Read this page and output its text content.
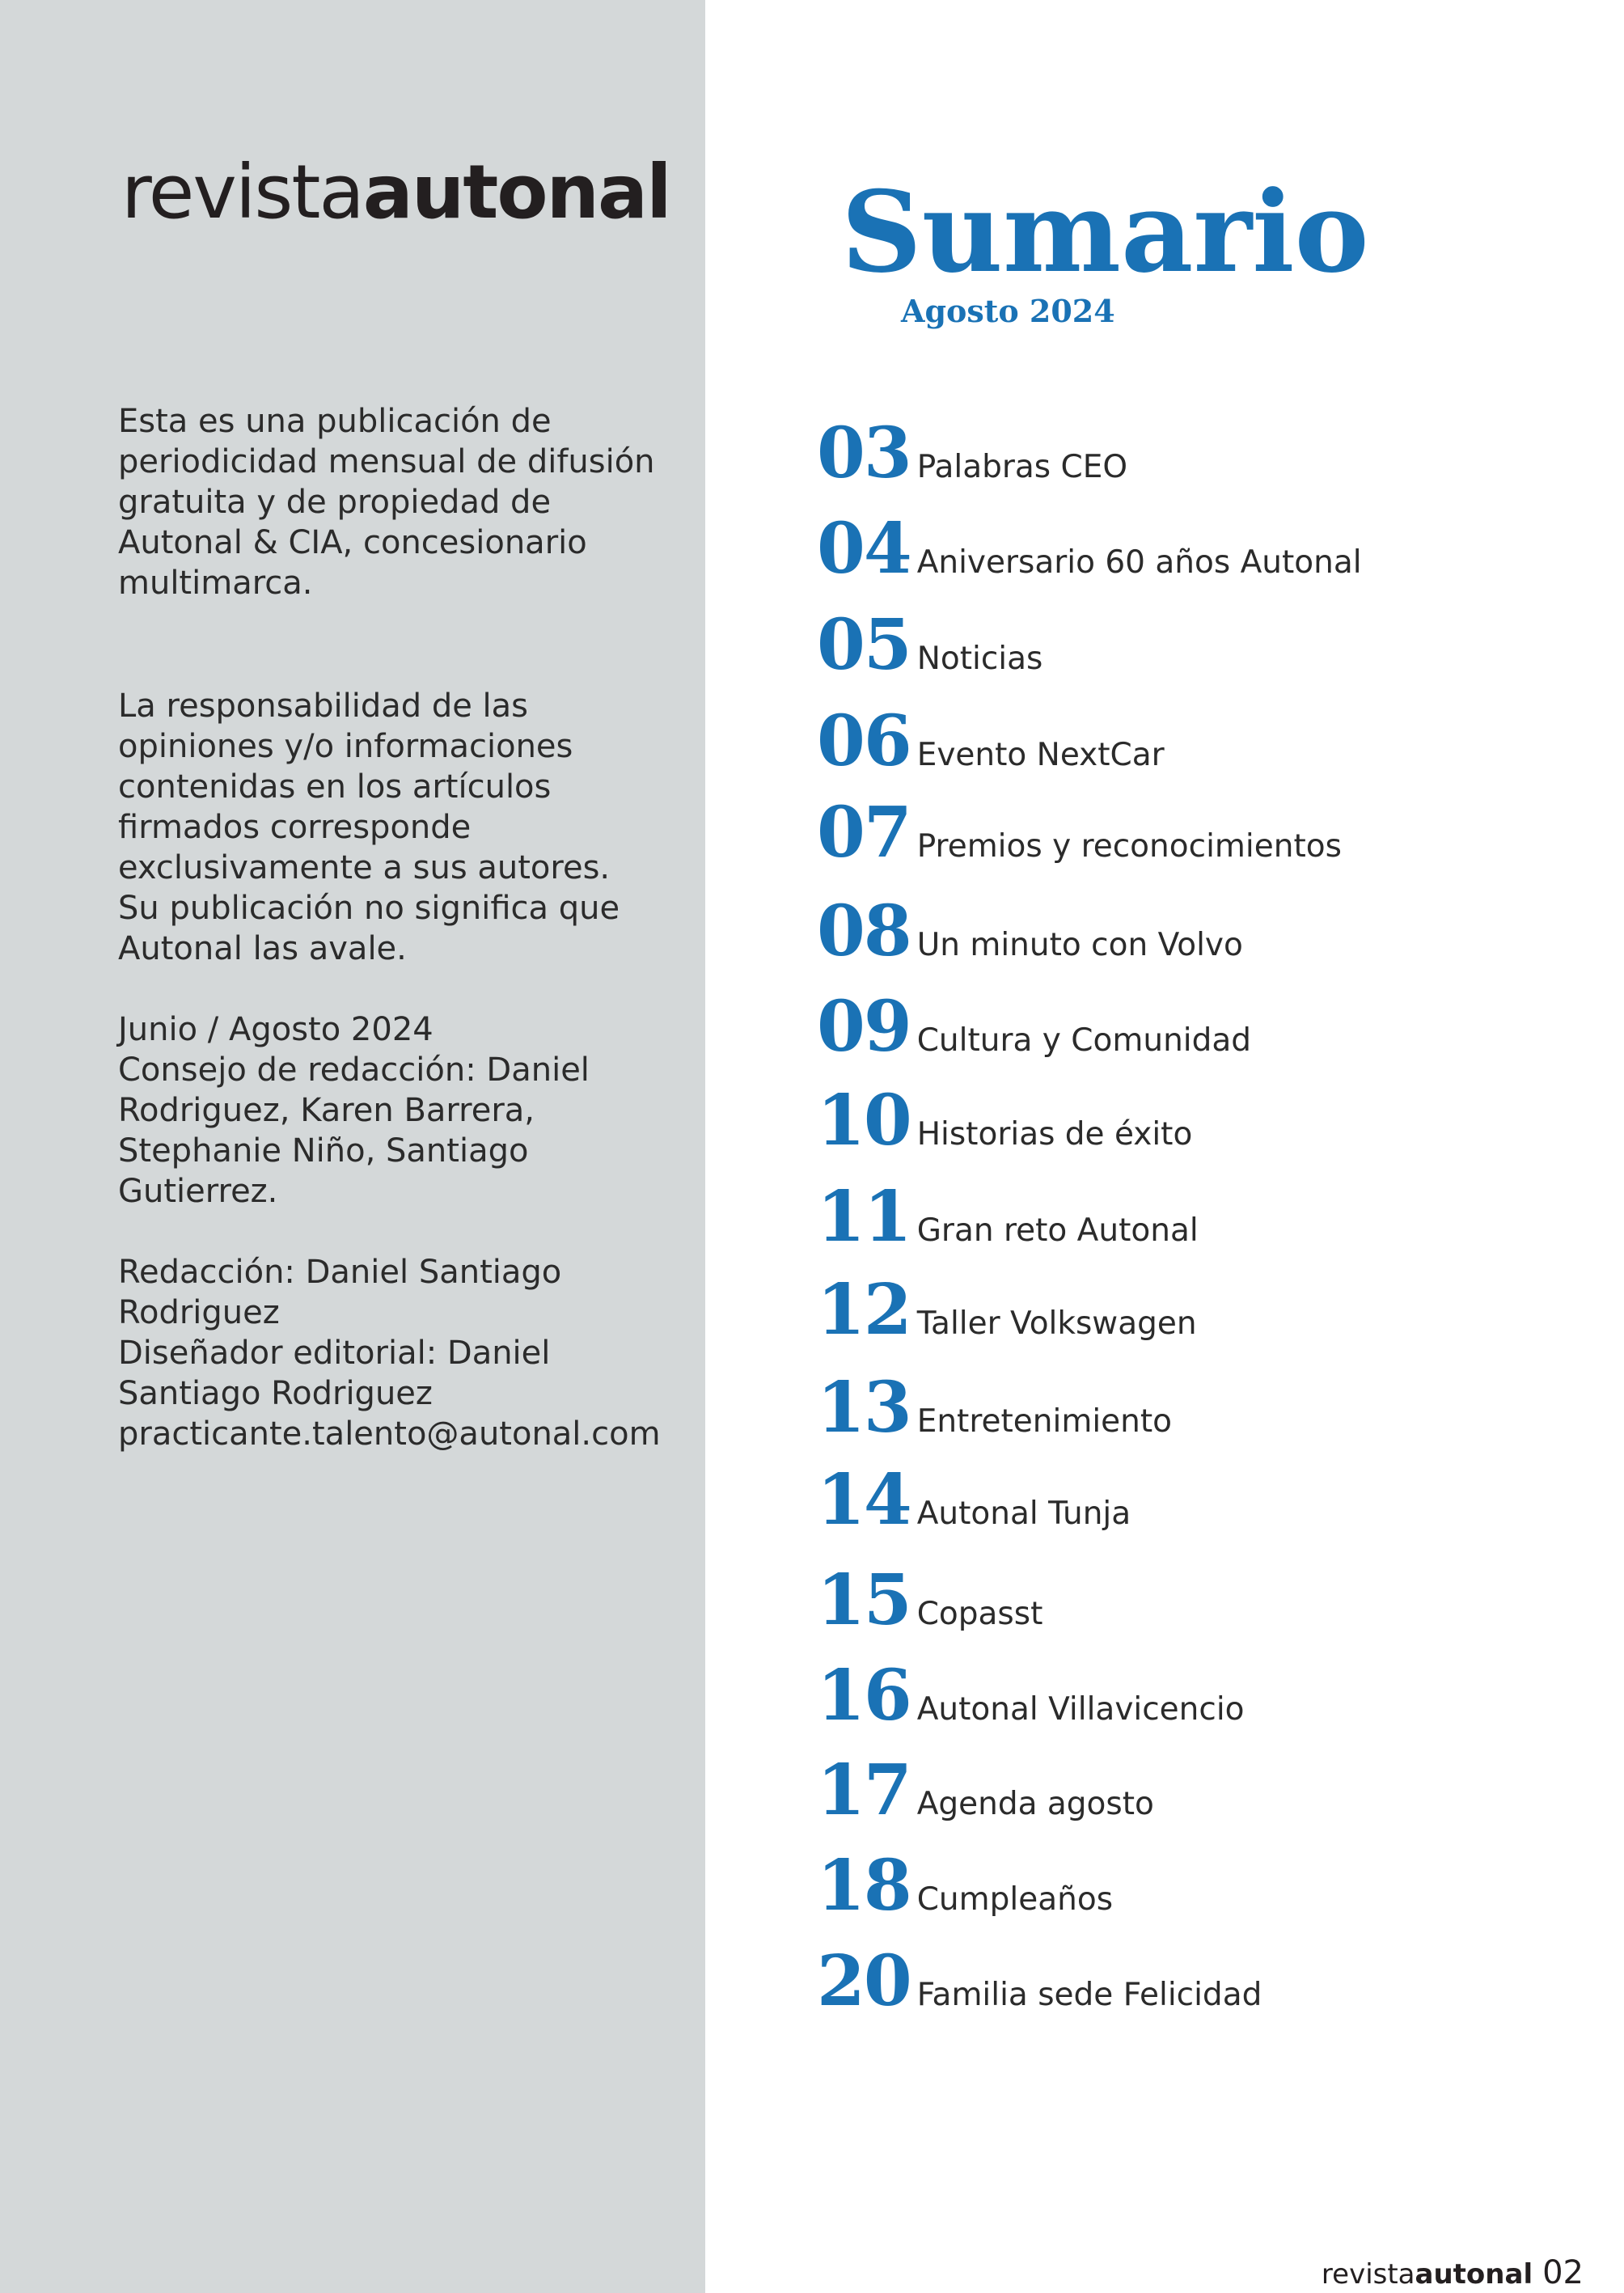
revistaautonal

Esta es una publicación de

periodicidad mensual de difusión

gratuita y de propiedad de

Autonal & CIA, concesionario

multimarca.

La responsabilidad de las

opiniones y/o informaciones

contenidas en los artículos

firmados corresponde

exclusivamente a sus autores.

Su publicación no significa que

Autonal las avale.

Junio / Agosto 2024

Consejo de redacción: Daniel

Rodriguez, Karen Barrera,

Stephanie Niño, Santiago

Gutierrez.

Redacción: Daniel Santiago

Rodriguez

Diseñador editorial: Daniel

Santiago Rodriguez

practicante.talento@autonal.com

Sumario
Agosto 2024
03 Palabras CEO
04 Aniversario 60 años Autonal
05 Noticias
06 Evento NextCar
07 Premios y reconocimientos
08 Un minuto con Volvo
09 Cultura y Comunidad
10 Historias de éxito
11 Gran reto Autonal
12 Taller Volkswagen
13 Entretenimiento
14 Autonal Tunja
15 Copasst
16 Autonal Villavicencio
17 Agenda agosto
18 Cumpleaños
20 Familia sede Felicidad
revistaautonal 02
